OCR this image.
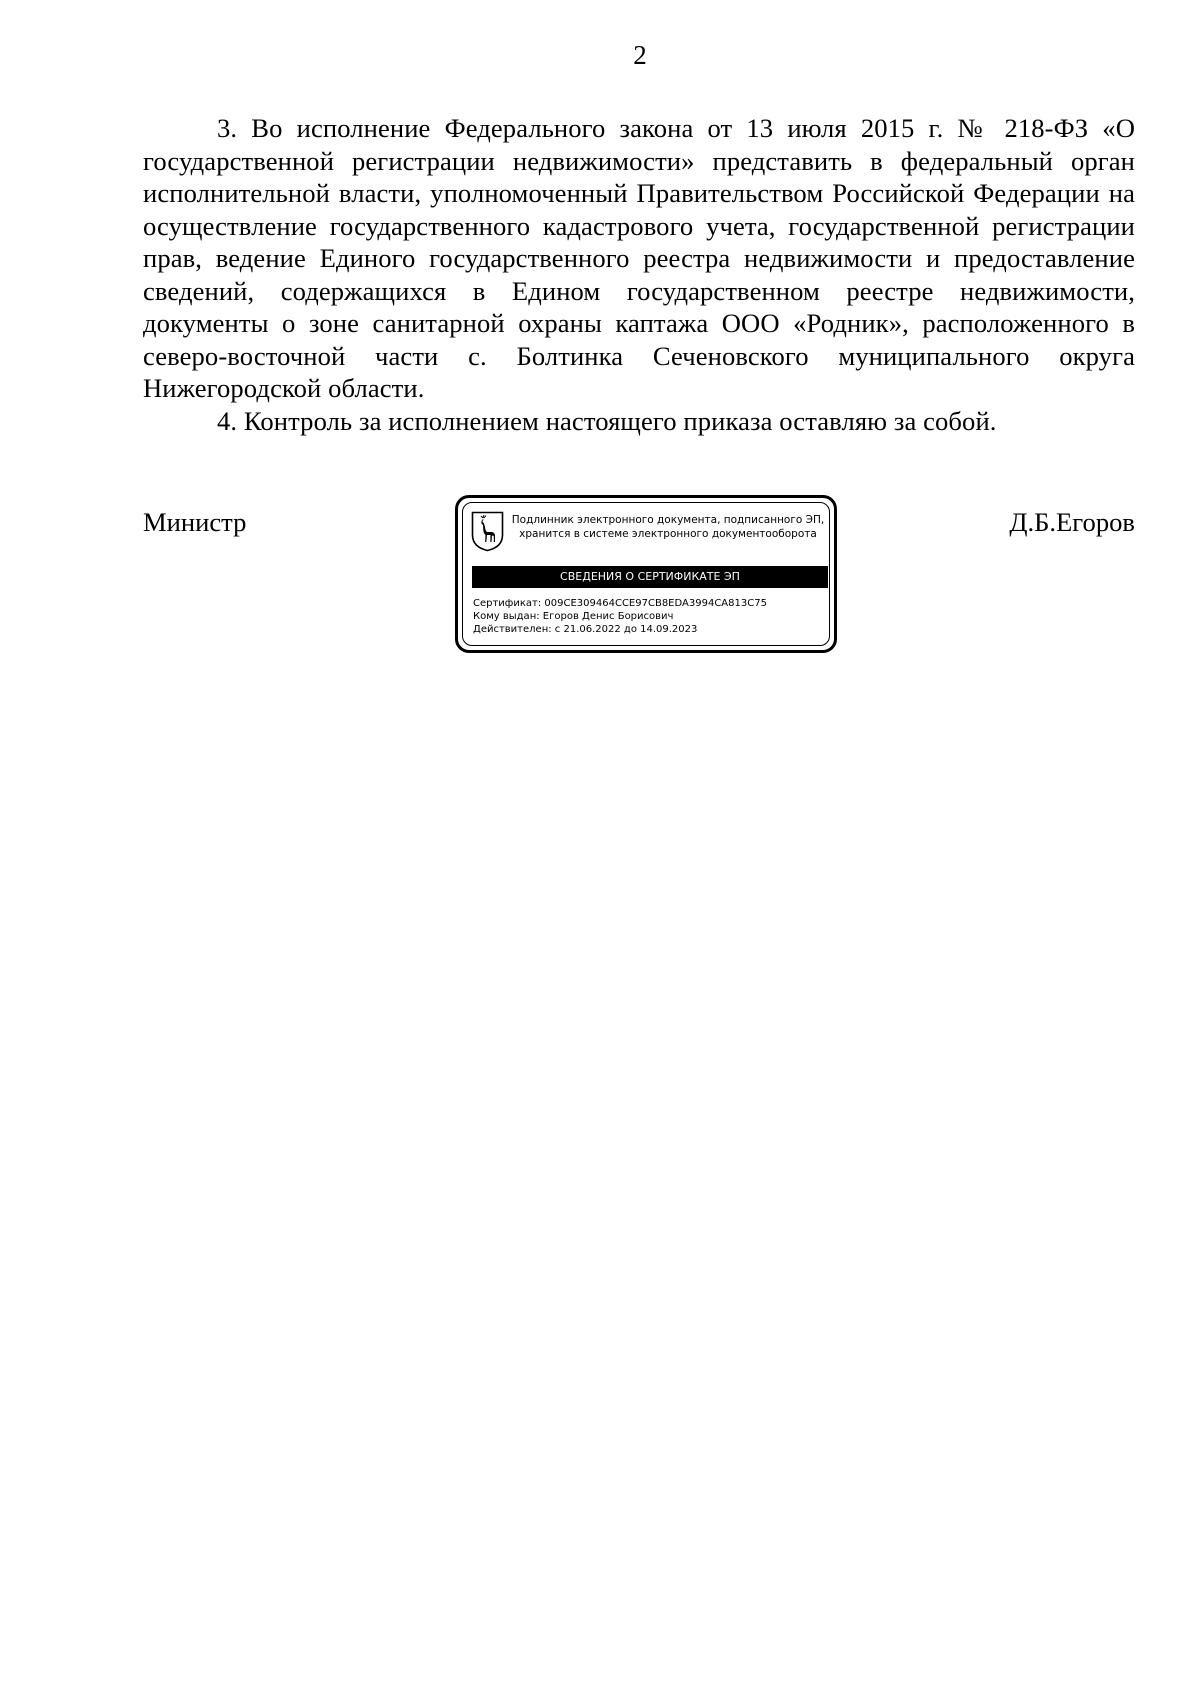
2

3. Во исполнение Федерального закона от 13 июля 2015 г. № 218-ФЗ «О государственной регистрации недвижимости» представить в федеральный орган исполнительной власти, уполномоченный Правительством Российской Федерации на осуществление государственного кадастрового учета, государственной регистрации прав, ведение Единого государственного реестра недвижимости и предоставление сведений, содержащихся в Едином государственном реестре недвижимости, документы о зоне санитарной охраны каптажа ООО «Родник», расположенного в северо-восточной части с. Болтинка Сеченовского муниципального округа Нижегородской области.

4. Контроль за исполнением настоящего приказа оставляю за собой.

Министр	Д.Б.Егоров
Подлинник электронного документа, подписанного ЭП,
хранится в системе электронного документооборота
СВЕДЕНИЯ О СЕРТИФИКАТЕ ЭП
Сертификат: 009CE309464CCE97CB8EDA3994CA813C75
Кому выдан: Егоров Денис Борисович
Действителен: с 21.06.2022 до 14.09.2023
